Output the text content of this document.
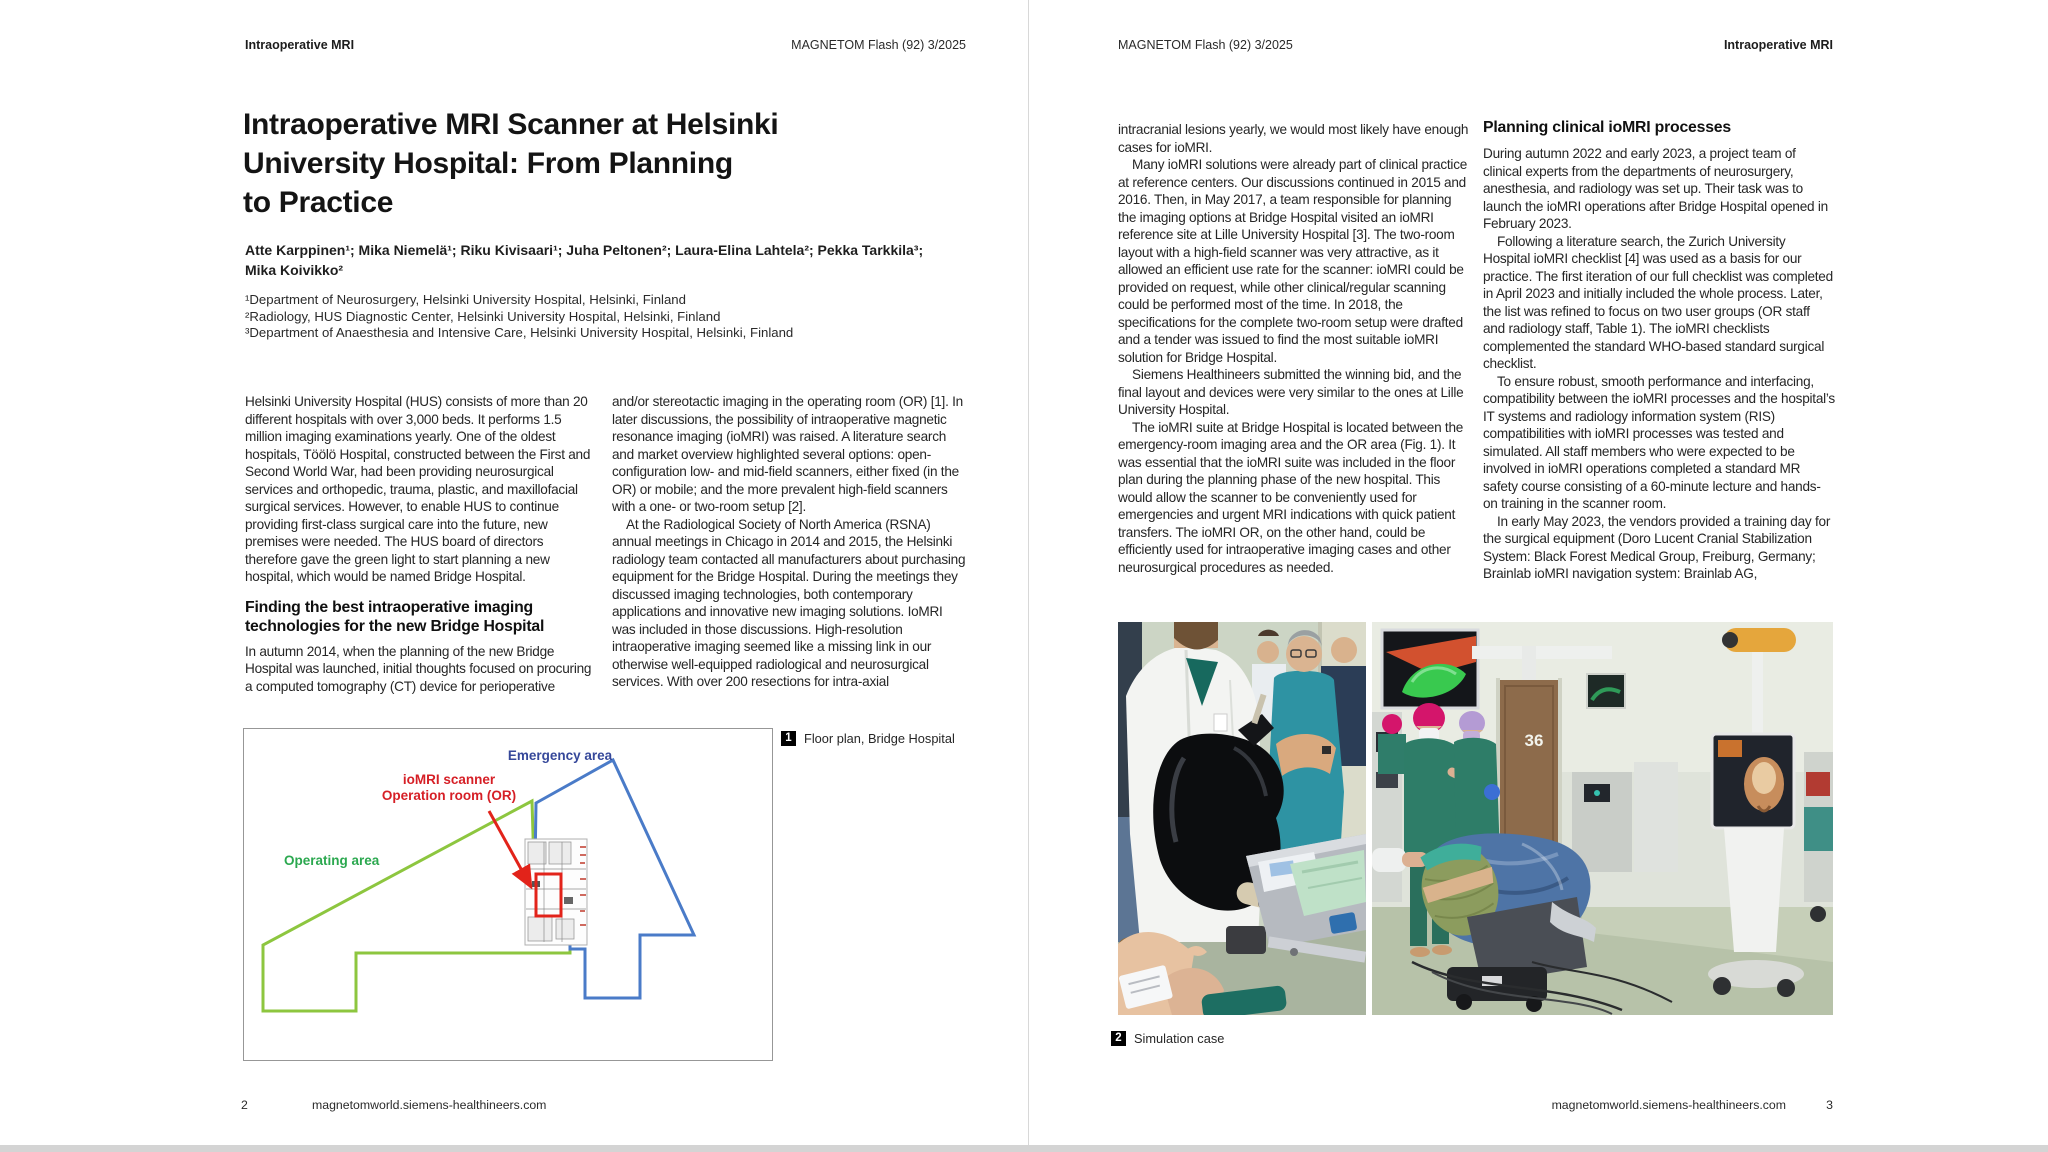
Intraoperative MRI	MAGNETOM Flash (92) 3/2025
Intraoperative MRI Scanner at Helsinki
University Hospital: From Planning
to Practice
Atte Karppinen¹; Mika Niemelä¹; Riku Kivisaari¹; Juha Peltonen²; Laura-Elina Lahtela²; Pekka Tarkkila³;
Mika Koivikko²
¹Department of Neurosurgery, Helsinki University Hospital, Helsinki, Finland
²Radiology, HUS Diagnostic Center, Helsinki University Hospital, Helsinki, Finland
³Department of Anaesthesia and Intensive Care, Helsinki University Hospital, Helsinki, Finland

Helsinki University Hospital (HUS) consists of more than 20 different hospitals with over 3,000 beds. It performs 1.5 million imaging examinations yearly. One of the oldest hospitals, Töölö Hospital, constructed between the First and Second World War, had been providing neurosurgical services and orthopedic, trauma, plastic, and maxillofacial surgical services. However, to enable HUS to continue providing first-class surgical care into the future, new premises were needed. The HUS board of directors therefore gave the green light to start planning a new hospital, which would be named Bridge Hospital.

Finding the best intraoperative imaging technologies for the new Bridge Hospital

In autumn 2014, when the planning of the new Bridge Hospital was launched, initial thoughts focused on procuring a computed tomography (CT) device for perioperative

and/or stereotactic imaging in the operating room (OR) [1]. In later discussions, the possibility of intraoperative magnetic resonance imaging (ioMRI) was raised. A literature search and market overview highlighted several options: open-configuration low- and mid-field scanners, either fixed (in the OR) or mobile; and the more prevalent high-field scanners with a one- or two-room setup [2].

At the Radiological Society of North America (RSNA) annual meetings in Chicago in 2014 and 2015, the Helsinki radiology team contacted all manufacturers about purchasing equipment for the Bridge Hospital. During the meetings they discussed imaging technologies, both contemporary applications and innovative new imaging solutions. IoMRI was included in those discussions. High-resolution intraoperative imaging seemed like a missing link in our otherwise well-equipped radiological and neurosurgical services. With over 200 resections for intra-axial

Emergency area
ioMRI scanner
Operation room (OR)
Operating area
1 Floor plan, Bridge Hospital
2	magnetomworld.siemens-healthineers.com
MAGNETOM Flash (92) 3/2025	Intraoperative MRI

intracranial lesions yearly, we would most likely have enough cases for ioMRI.

Many ioMRI solutions were already part of clinical practice at reference centers. Our discussions continued in 2015 and 2016. Then, in May 2017, a team responsible for planning the imaging options at Bridge Hospital visited an ioMRI reference site at Lille University Hospital [3]. The two-room layout with a high-field scanner was very attractive, as it allowed an efficient use rate for the scanner: ioMRI could be provided on request, while other clinical/regular scanning could be performed most of the time. In 2018, the specifications for the complete two-room setup were drafted and a tender was issued to find the most suitable ioMRI solution for Bridge Hospital.

Siemens Healthineers submitted the winning bid, and the final layout and devices were very similar to the ones at Lille University Hospital.

The ioMRI suite at Bridge Hospital is located between the emergency-room imaging area and the OR area (Fig. 1). It was essential that the ioMRI suite was included in the floor plan during the planning phase of the new hospital. This would allow the scanner to be conveniently used for emergencies and urgent MRI indications with quick patient transfers. The ioMRI OR, on the other hand, could be efficiently used for intraoperative imaging cases and other neurosurgical procedures as needed.

Planning clinical ioMRI processes

During autumn 2022 and early 2023, a project team of clinical experts from the departments of neurosurgery, anesthesia, and radiology was set up. Their task was to launch the ioMRI operations after Bridge Hospital opened in February 2023.

Following a literature search, the Zurich University Hospital ioMRI checklist [4] was used as a basis for our practice. The first iteration of our full checklist was completed in April 2023 and initially included the whole process. Later, the list was refined to focus on two user groups (OR staff and radiology staff, Table 1). The ioMRI checklists complemented the standard WHO-based standard surgical checklist.

To ensure robust, smooth performance and interfacing, compatibility between the ioMRI processes and the hospital’s IT systems and radiology information system (RIS) compatibilities with ioMRI processes was tested and simulated. All staff members who were expected to be involved in ioMRI operations completed a standard MR safety course consisting of a 60-minute lecture and hands-on training in the scanner room.

In early May 2023, the vendors provided a training day for the surgical equipment (Doro Lucent Cranial Stabilization System: Black Forest Medical Group, Freiburg, Germany; Brainlab ioMRI navigation system: Brainlab AG,

36
2 Simulation case
magnetomworld.siemens-healthineers.com	3
